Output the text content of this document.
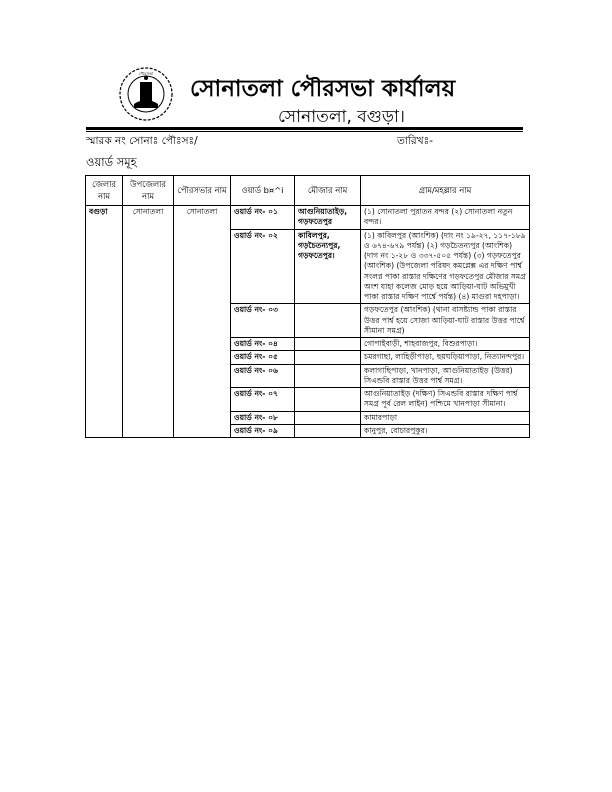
পৌরসভা
সোনাতলা পৌরসভা কার্যালয়
সোনাতলা, বগুড়া।
স্মারক নং সোনাঃ পৌঃসঃ/	তারিখঃ-
ওয়ার্ড সমূহ
জেলার নাম	উপজেলার নাম	পৌরসভার নাম	ওয়ার্ড b¤^i	মৌজার নাম	গ্রাম/মহল্লার নাম
বগুড়া	সোনাতলা	সোনাতলা	ওয়ার্ড নং- ০১	আগুনিয়াতাইড়, গড়ফতেপুর	(১) সোনাতলা পুরাতন বন্দর (২) সোনাতলা নতুন বন্দর।
			ওয়ার্ড নং- ০২	কাবিলপুর, গড়চৈতন্যপুর, গড়ফতেপুর।	(১) কাবিলপুর (আংশিক) (দাং নং ১৯-২৭, ১১৭-১৮৯ ও ৬৭৪-৬৭৯ পর্যন্ত) (২) গড়চৈতন্যপুর (আংশিক) (দাগ নং ১-২৮ ও ৩৩৭-৫০৫ পর্যন্ত) (৩) গড়ফতেপুর (আংশিক) (উপজেলা পরিষদ কমপ্লেক্স এর দক্ষিণ পার্শ্ব সংলগ্ন পাকা রাস্তার দক্ষিণের গড়ফতেপুর মৌজার সমগ্র অংশ যাহা কলেজ মোড় হয়ে আড়িয়া-ঘাট অভিমুখী পাকা রাস্তার দক্ষিণ পার্শ্বে পর্যন্ত) (৪) মাগুরা দহপাড়া।
			ওয়ার্ড নং- ০৩		গড়ফতেপুর (আংশিক) (থানা বাসষ্ট্যান্ড পাকা রাস্তার উত্তর পার্শ্ব হয়ে সোজা আড়িয়া-ঘাট রাস্তার উত্তর পার্শ্বে সীমানা সমগ্র)
			ওয়ার্ড নং- ০৪		গোপাইবাড়ী, শাহবাজপুর, বিশুরপাড়া।
			ওয়ার্ড নং- ০৫		চমরগাছা, লাহিড়ীপাড়া, ছয়ঘড়িয়াপাড়া, নিত্যানন্দপুর।
			ওয়ার্ড নং- ০৬		কলাগাছিপাড়া, খানপাড়া, আগুনিয়াতাইড় (উত্তর) সিএন্ডবি রাস্তার উত্তর পার্শ্ব সমগ্র।
			ওয়ার্ড নং- ০৭		আগুনিয়াতাইড় (দক্ষিণ) সিএন্ডবি রাস্তার দক্ষিণ পার্শ্ব সমগ্র পূর্ব রেল লাইন) পশ্চিমে খানপাড়া সীমানা।
			ওয়ার্ড নং- ০৮		কামারপাড়া
			ওয়ার্ড নং- ০৯		কানুপুর, বোচারপুকুর।
